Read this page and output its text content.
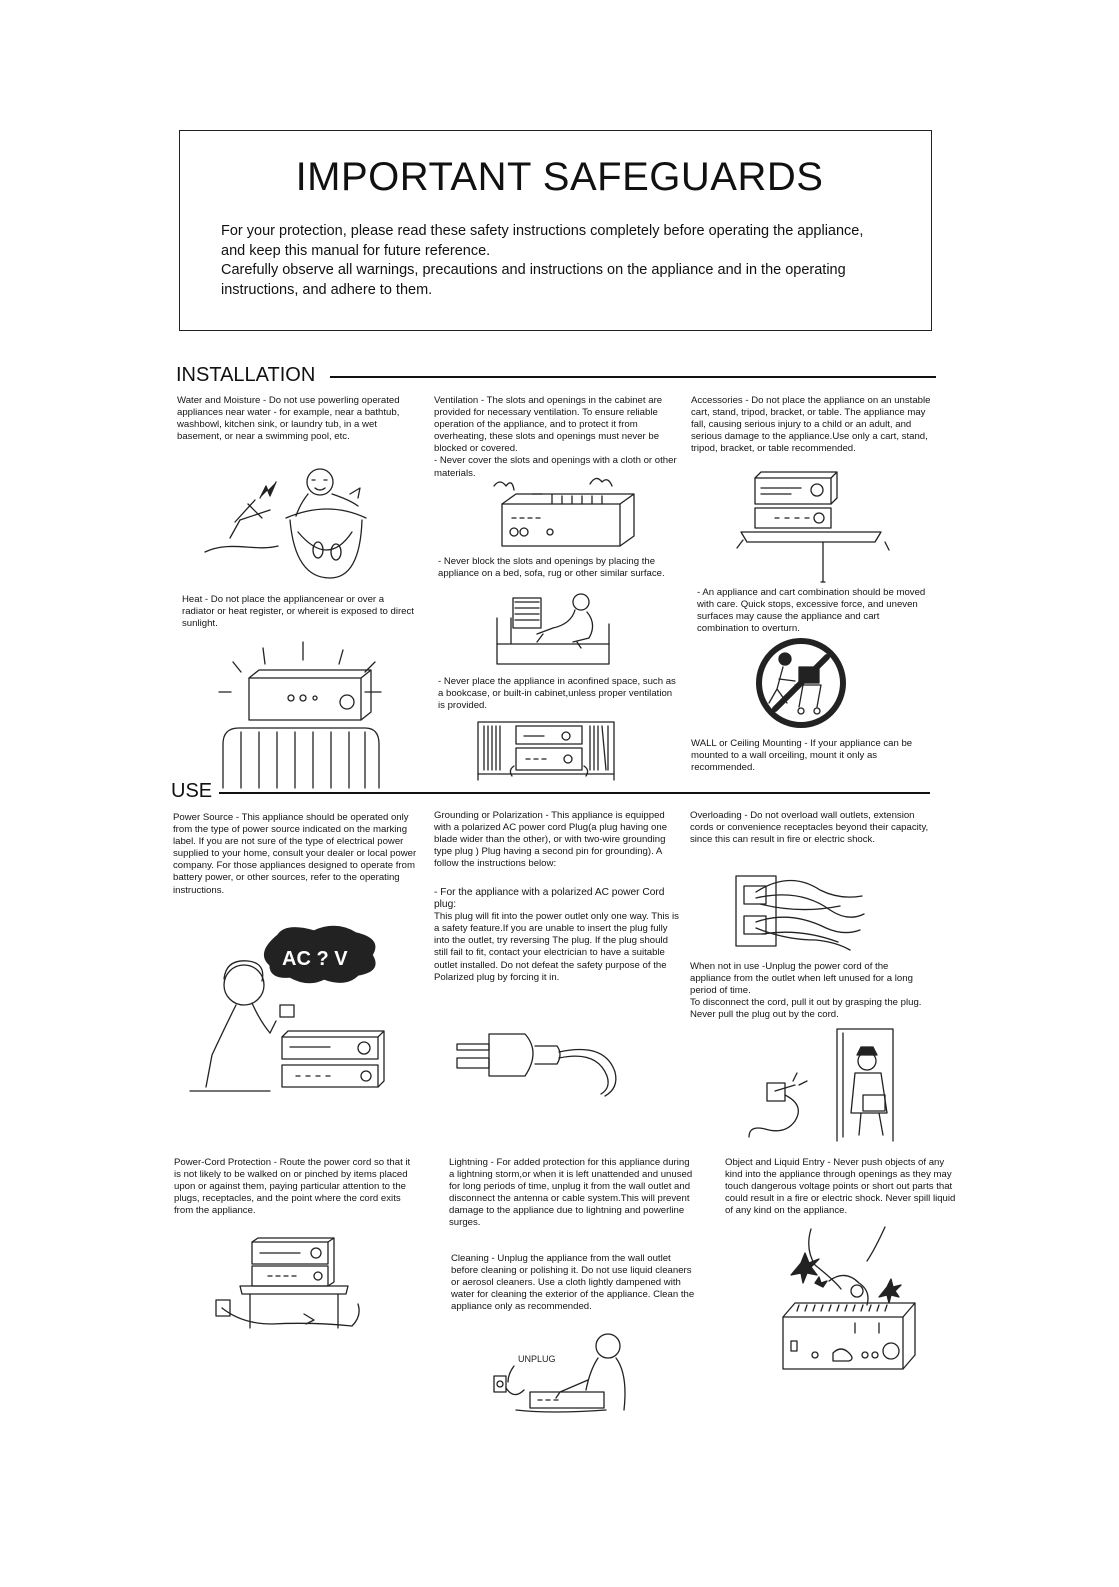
IMPORTANT SAFEGUARDS
For your protection, please read these safety instructions completely before operating the appliance,
and keep this manual for future reference.
Carefully observe all warnings, precautions and instructions on the appliance and in the operating
instructions, and adhere to them.
INSTALLATION
Water and Moisture - Do not use powerling operated appliances near water - for example, near a bathtub, washbowl, kitchen sink, or laundry tub, in a wet basement, or near a swimming pool, etc.
Heat - Do not place the appliancenear or over a radiator or heat register, or whereit is exposed to direct sunlight.
Ventilation - The slots and openings in the cabinet are provided for necessary ventilation. To ensure reliable operation of the appliance, and to protect it from overheating, these slots and openings must never be blocked or covered.
- Never cover the slots and openings with a cloth or other materials.
- Never block the slots and openings by placing the appliance on a bed, sofa, rug or other similar surface.
- Never place the appliance in aconfined space, such as a bookcase, or built-in cabinet,unless proper ventilation is provided.
Accessories - Do not place the appliance on an unstable cart, stand, tripod, bracket, or table. The appliance may fall, causing serious injury to a child or an adult, and serious damage to the appliance.Use only a cart, stand, tripod, bracket, or table recommended.
- An appliance and cart combination should be moved with care. Quick stops, excessive force, and uneven surfaces may cause the appliance and cart combination to overturn.
WALL or Ceiling Mounting - If your appliance can be mounted to a wall orceiling, mount it only as recommended.
USE
Power Source - This appliance should be operated only from the type of power source indicated on the marking label. If you are not sure of the type of electrical power supplied to your home, consult your dealer or local power company. For those appliances designed to operate from battery power, or other sources, refer to the operating instructions.
AC ? V
Grounding or Polarization - This appliance is equipped with a polarized AC power cord Plug(a plug having one blade wider than the other), or with two-wire grounding type plug ) Plug having a second pin for grounding). A follow the instructions below:
- For the appliance with a polarized AC power Cord plug:
This plug will fit into the power outlet only one way. This is a safety feature.If you are unable to insert the plug fully into the outlet, try reversing The plug. If the plug should still fail to fit, contact your electrician to have a suitable outlet installed. Do not defeat the safety purpose of the Polarized plug by forcing it in.
Overloading - Do not overload wall outlets, extension cords or convenience receptacles beyond their capacity, since this can result in fire or electric shock.
When not in use -Unplug the power cord of the appliance from the outlet when left unused for a long period of time.
To disconnect the cord, pull it out by grasping the plug. Never pull the plug out by the cord.
Power-Cord Protection - Route the power cord so that it is not likely to be walked on or pinched by items placed upon or against them, paying particular attention to the plugs, receptacles, and the point where the cord exits from the appliance.
Lightning - For added protection for this appliance during a lightning storm,or when it is left unattended and unused for long periods of time, unplug it from the wall outlet and disconnect the antenna or cable system.This will prevent damage to the appliance due to lightning and powerline surges.
Cleaning - Unplug the appliance from the wall outlet before cleaning or polishing it. Do not use liquid cleaners or aerosol cleaners. Use a cloth lightly dampened with water for cleaning the exterior of the appliance. Clean the appliance only as recommended.
UNPLUG
Object and Liquid Entry - Never push objects of any kind into the appliance through openings as they may touch dangerous voltage points or short out parts that could result in a fire or electric shock. Never spill liquid of any kind on the appliance.
